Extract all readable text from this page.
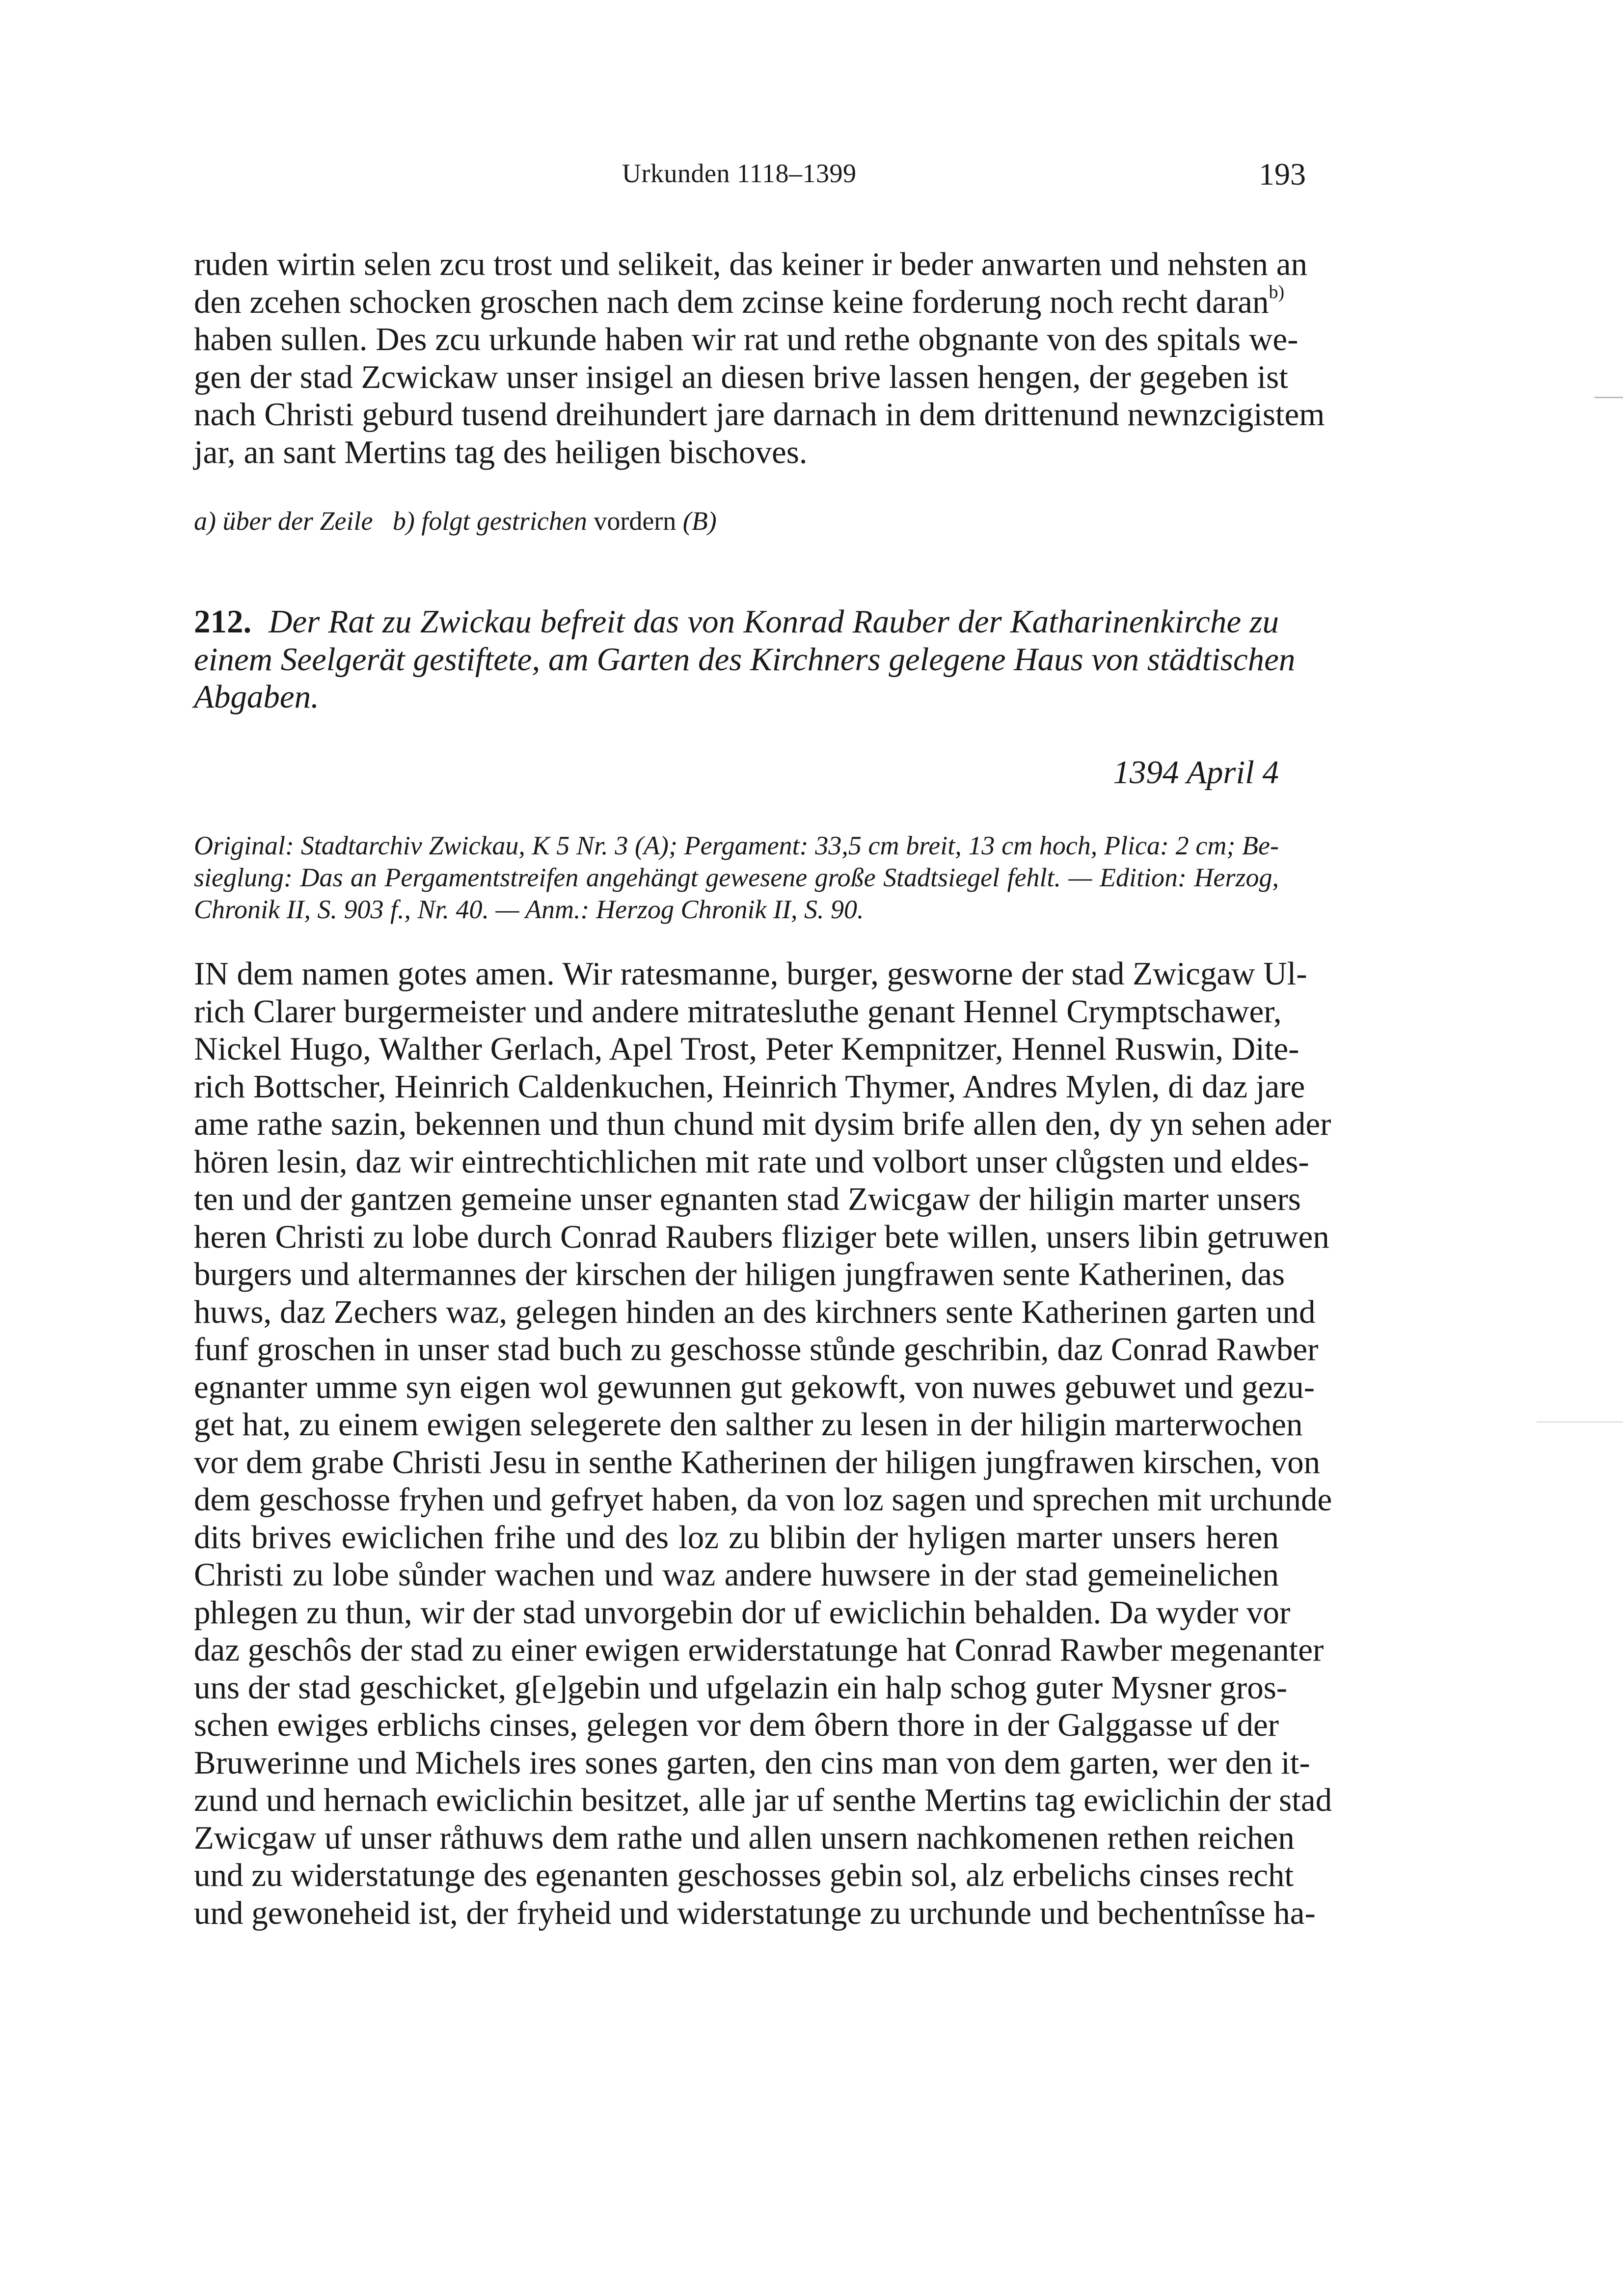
Urkunden 1118–1399	193
ruden wirtin selen zcu trost und selikeit, das keiner ir beder anwarten und nehsten an
den zcehen schocken groschen nach dem zcinse keine forderung noch recht daran$^{b)}$
haben sullen. Des zcu urkunde haben wir rat und rethe obgnante von des spitals we-
gen der stad Zcwickaw unser insigel an diesen brive lassen hengen, der gegeben ist
nach Christi geburd tusend dreihundert jare darnach in dem drittenund newnzcigistem
jar, an sant Mertins tag des heiligen bischoves.
a) über der Zeile b) folgt gestrichen vordern (B)
212. Der Rat zu Zwickau befreit das von Konrad Rauber der Katharinenkirche zu
einem Seelgerät gestiftete, am Garten des Kirchners gelegene Haus von städtischen
Abgaben.
1394 April 4
Original: Stadtarchiv Zwickau, K 5 Nr. 3 (A); Pergament: 33,5 cm breit, 13 cm hoch, Plica: 2 cm; Be-
sieglung: Das an Pergamentstreifen angehängt gewesene große Stadtsiegel fehlt. — Edition: Herzog,
Chronik II, S. 903 f., Nr. 40. — Anm.: Herzog Chronik II, S. 90.
IN dem namen gotes amen. Wir ratesmanne, burger, gesworne der stad Zwicgaw Ul-
rich Clarer burgermeister und andere mitratesluthe genant Hennel Crymptschawer,
Nickel Hugo, Walther Gerlach, Apel Trost, Peter Kempnitzer, Hennel Ruswin, Dite-
rich Bottscher, Heinrich Caldenkuchen, Heinrich Thymer, Andres Mylen, di daz jare
ame rathe sazin, bekennen und thun chund mit dysim brife allen den, dy yn sehen ader
hören lesin, daz wir eintrechtichlichen mit rate und volbort unser clůgsten und eldes-
ten und der gantzen gemeine unser egnanten stad Zwicgaw der hiligin marter unsers
heren Christi zu lobe durch Conrad Raubers fliziger bete willen, unsers libin getruwen
burgers und altermannes der kirschen der hiligen jungfrawen sente Katherinen, das
huws, daz Zechers waz, gelegen hinden an des kirchners sente Katherinen garten und
funf groschen in unser stad buch zu geschosse stůnde geschribin, daz Conrad Rawber
egnanter umme syn eigen wol gewunnen gut gekowft, von nuwes gebuwet und gezu-
get hat, zu einem ewigen selegerete den salther zu lesen in der hiligin marterwochen
vor dem grabe Christi Jesu in senthe Katherinen der hiligen jungfrawen kirschen, von
dem geschosse fryhen und gefryet haben, da von loz sagen und sprechen mit urchunde
dits brives ewiclichen frihe und des loz zu blibin der hyligen marter unsers heren
Christi zu lobe sůnder wachen und waz andere huwsere in der stad gemeinelichen
phlegen zu thun, wir der stad unvorgebin dor uf ewiclichin behalden. Da wyder vor
daz geschôs der stad zu einer ewigen erwiderstatunge hat Conrad Rawber megenanter
uns der stad geschicket, g[e]gebin und ufgelazin ein halp schog guter Mysner gros-
schen ewiges erblichs cinses, gelegen vor dem ôbern thore in der Galggasse uf der
Bruwerinne und Michels ires sones garten, den cins man von dem garten, wer den it-
zund und hernach ewiclichin besitzet, alle jar uf senthe Mertins tag ewiclichin der stad
Zwicgaw uf unser råthuws dem rathe und allen unsern nachkomenen rethen reichen
und zu widerstatunge des egenanten geschosses gebin sol, alz erbelichs cinses recht
und gewoneheid ist, der fryheid und widerstatunge zu urchunde und bechentnîsse ha-
